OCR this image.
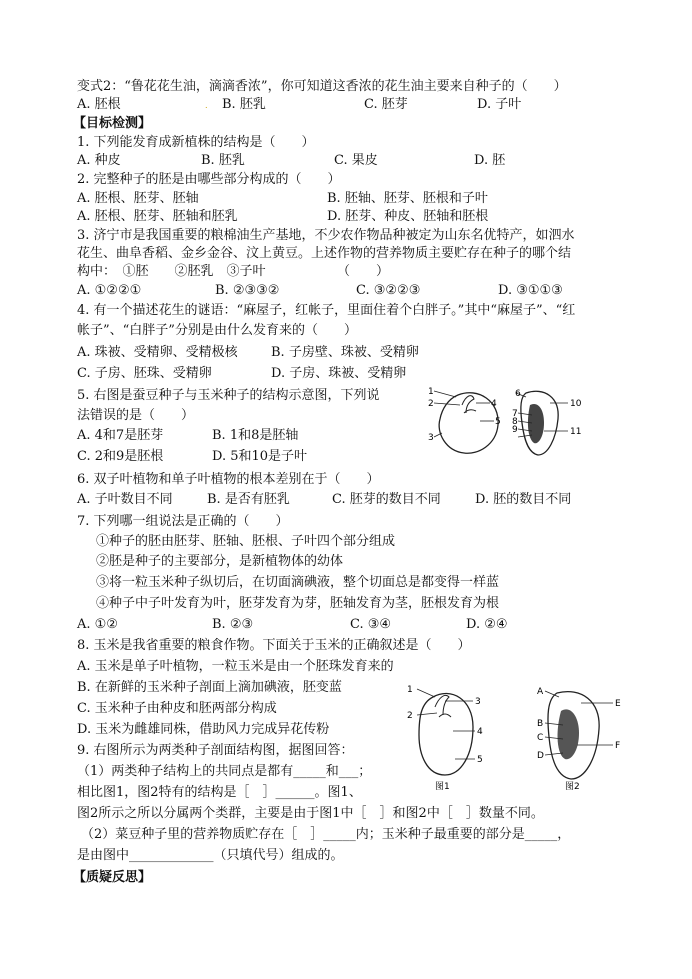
变式2：“鲁花花生油，滴滴香浓”，你可知道这香浓的花生油主要来自种子的（　　）
A. 胚根	. B. 胚乳	C. 胚芽	D. 子叶
【目标检测】
1. 下列能发育成新植株的结构是（　　）
A. 种皮	B. 胚乳	C. 果皮	D. 胚
2. 完整种子的胚是由哪些部分构成的（　　）
A. 胚根、胚芽、胚轴	B. 胚轴、胚芽、胚根和子叶
A. 胚根、胚芽、胚轴和胚乳	D. 胚芽、种皮、胚轴和胚根
3. 济宁市是我国重要的粮棉油生产基地，不少农作物品种被定为山东名优特产，如泗水
花生、曲阜香稻、金乡金谷、汶上黄豆。上述作物的营养物质主要贮存在种子的哪个结
构中：　①胚　　②胚乳　③子叶　　　　　　（　　）
A. ①②②①	B. ②③③②	C. ③②②③	D. ③①①③
4. 有一个描述花生的谜语：“麻屋子，红帐子，里面住着个白胖子。”其中“麻屋子”、“红
帐子”、“白胖子”分别是由什么发育来的（　　）
A. 珠被、受精卵、受精极核	B. 子房壁、珠被、受精卵
C. 子房、胚珠、受精卵	D. 子房、珠被、受精卵
5. 右图是蚕豆种子与玉米种子的结构示意图，下列说
法错误的是（　　）
A. 4和7是胚芽	B. 1和8是胚轴
C. 2和9是胚根	D. 5和10是子叶
1
2
3
4
5
6
7
8
9
10
11
6. 双子叶植物和单子叶植物的根本差别在于（　　）
A. 子叶数目不同	B. 是否有胚乳	C. 胚芽的数目不同	D. 胚的数目不同
7. 下列哪一组说法是正确的（　　）
①种子的胚由胚芽、胚轴、胚根、子叶四个部分组成
②胚是种子的主要部分，是新植物体的幼体
③将一粒玉米种子纵切后，在切面滴碘液，整个切面总是都变得一样蓝
④种子中子叶发育为叶，胚芽发育为芽，胚轴发育为茎，胚根发育为根
A. ①②	B. ②③	C. ③④	D. ②④
8. 玉米是我省重要的粮食作物。下面关于玉米的正确叙述是（　　）
A. 玉米是单子叶植物，一粒玉米是由一个胚珠发育来的
B. 在新鲜的玉米种子剖面上滴加碘液，胚变蓝
C. 玉米种子由种皮和胚两部分构成
D. 玉米为雌雄同株，借助风力完成异花传粉
1
2
3
4
5
A
B
C
D
E
F
图1	图2
9. 右图所示为两类种子剖面结构图，据图回答：
（1）两类种子结构上的共同点是都有_____和___；
相比图1，图2特有的结构是［　］______。图1、
图2所示之所以分属两个类群，主要是由于图1中［　］和图2中［　］数量不同。
（2）菜豆种子里的营养物质贮存在［　］_____内；玉米种子最重要的部分是_____，
是由图中_____________（只填代号）组成的。
【质疑反思】
